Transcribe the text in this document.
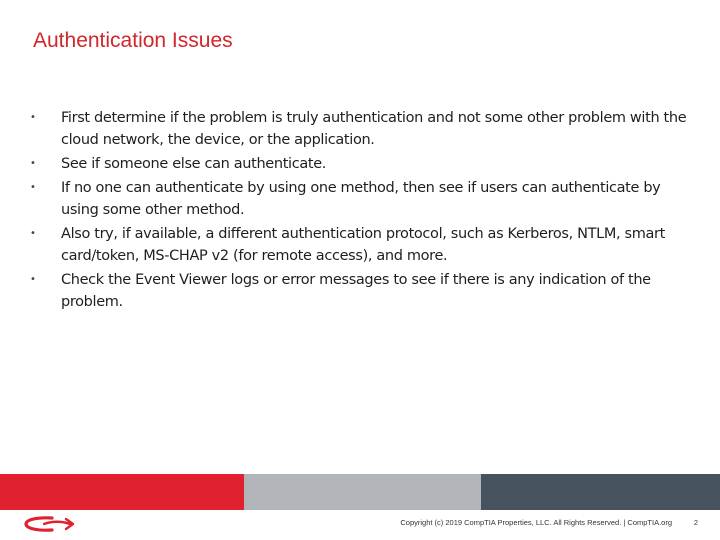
Authentication Issues
• First determine if the problem is truly authentication and not some other problem with the cloud network, the device, or the application.
• See if someone else can authenticate.
• If no one can authenticate by using one method, then see if users can authenticate by using some other method.
• Also try, if available, a different authentication protocol, such as Kerberos, NTLM, smart card/token, MS-CHAP v2 (for remote access), and more.
• Check the Event Viewer logs or error messages to see if there is any indication of the problem.
Copyright (c) 2019 CompTIA Properties, LLC. All Rights Reserved. | CompTIA.org	2
